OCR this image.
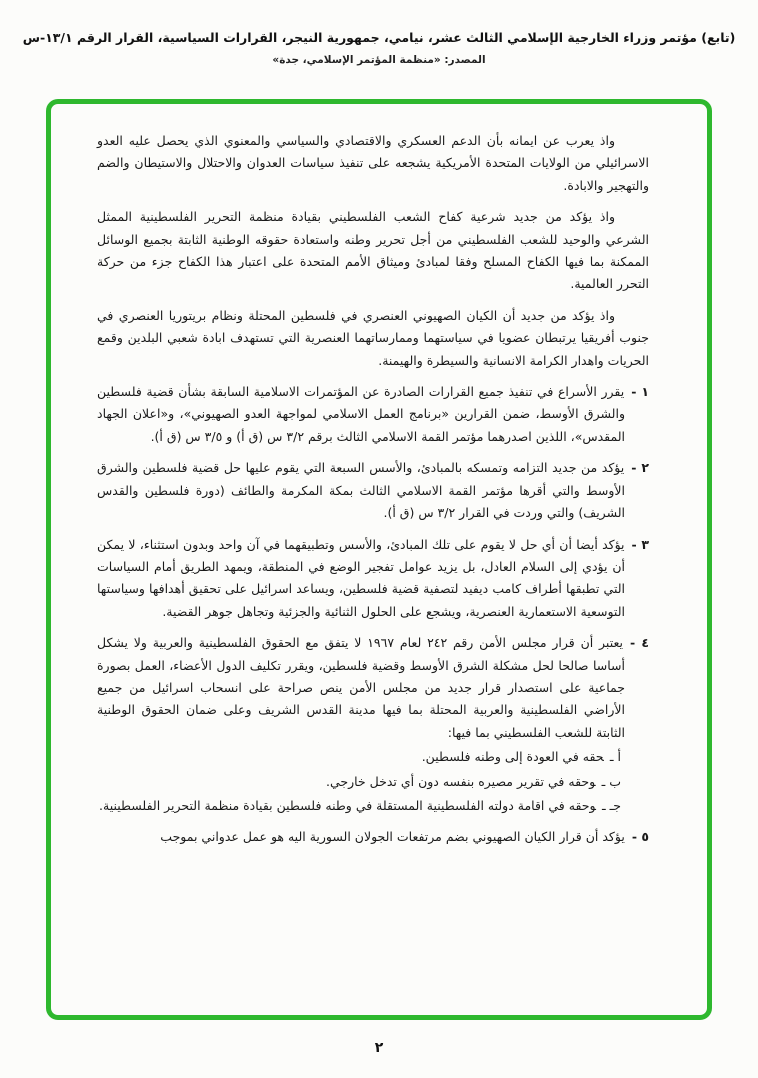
(تابع) مؤتمر وزراء الخارجية الإسلامي الثالث عشر، نيامي، جمهورية النيجر، القرارات السياسية، القرار الرقم ١٣/١-س
المصدر: «منظمة المؤتمر الإسلامي، جدة»

واذ يعرب عن ايمانه بأن الدعم العسكري والاقتصادي والسياسي والمعنوي الذي يحصل عليه العدو الاسرائيلي من الولايات المتحدة الأمريكية يشجعه على تنفيذ سياسات العدوان والاحتلال والاستيطان والضم والتهجير والابادة.

واذ يؤكد من جديد شرعية كفاح الشعب الفلسطيني بقيادة منظمة التحرير الفلسطينية الممثل الشرعي والوحيد للشعب الفلسطيني من أجل تحرير وطنه واستعادة حقوقه الوطنية الثابتة بجميع الوسائل الممكنة بما فيها الكفاح المسلح وفقا لمبادئ وميثاق الأمم المتحدة على اعتبار هذا الكفاح جزء من حركة التحرر العالمية.

واذ يؤكد من جديد أن الكيان الصهيوني العنصري في فلسطين المحتلة ونظام بريتوريا العنصري في جنوب أفريقيا يرتبطان عضويا في سياستهما وممارساتهما العنصرية التي تستهدف ابادة شعبي البلدين وقمع الحريات واهدار الكرامة الانسانية والسيطرة والهيمنة.

١ -يقرر الأسراع في تنفيذ جميع القرارات الصادرة عن المؤتمرات الاسلامية السابقة بشأن قضية فلسطين والشرق الأوسط، ضمن القرارين «برنامج العمل الاسلامي لمواجهة العدو الصهيوني»، و«اعلان الجهاد المقدس»، اللذين اصدرهما مؤتمر القمة الاسلامي الثالث برقم ٣/٢ س (ق أ) و ٣/٥ س (ق أ).
٢ -يؤكد من جديد التزامه وتمسكه بالمبادئ، والأسس السبعة التي يقوم عليها حل قضية فلسطين والشرق الأوسط والتي أقرها مؤتمر القمة الاسلامي الثالث بمكة المكرمة والطائف (دورة فلسطين والقدس الشريف) والتي وردت في القرار ٣/٢ س (ق أ).
٣ -يؤكد أيضا أن أي حل لا يقوم على تلك المبادئ، والأسس وتطبيقهما في آن واحد وبدون استثناء، لا يمكن أن يؤدي إلى السلام العادل، بل يزيد عوامل تفجير الوضع في المنطقة، ويمهد الطريق أمام السياسات التي تطبقها أطراف كامب ديفيد لتصفية قضية فلسطين، ويساعد اسرائيل على تحقيق أهدافها وسياستها التوسعية الاستعمارية العنصرية، ويشجع على الحلول الثنائية والجزئية وتجاهل جوهر القضية.
٤ -يعتبر أن قرار مجلس الأمن رقم ٢٤٢ لعام ١٩٦٧ لا يتفق مع الحقوق الفلسطينية والعربية ولا يشكل أساسا صالحا لحل مشكلة الشرق الأوسط وقضية فلسطين، ويقرر تكليف الدول الأعضاء، العمل بصورة جماعية على استصدار قرار جديد من مجلس الأمن ينص صراحة على انسحاب اسرائيل من جميع الأراضي الفلسطينية والعربية المحتلة بما فيها مدينة القدس الشريف وعلى ضمان الحقوق الوطنية الثابتة للشعب الفلسطيني بما فيها:
أ ـحقه في العودة إلى وطنه فلسطين.
ب ـوحقه في تقرير مصيره بنفسه دون أي تدخل خارجي.
جـ ـوحقه في اقامة دولته الفلسطينية المستقلة في وطنه فلسطين بقيادة منظمة التحرير الفلسطينية.
٥ -يؤكد أن قرار الكيان الصهيوني بضم مرتفعات الجولان السورية اليه هو عمل عدواني بموجب
٢
